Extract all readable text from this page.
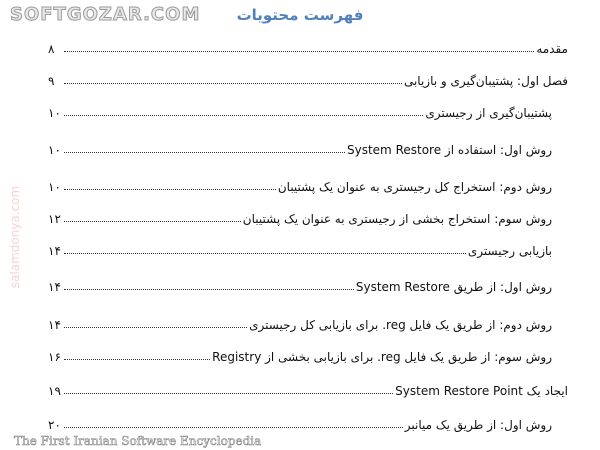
فهرست محتویات
مقدمه
۸
فصل اول: پشتیبان‌گیری و بازیابی
۹
پشتیبان‌گیری از رجیستری
۱۰
روش اول: استفاده از System Restore
۱۰
روش دوم: استخراج کل رجیستری به عنوان یک پشتیبان
۱۰
روش سوم: استخراج بخشی از رجیستری به عنوان یک پشتیبان
۱۲
بازیابی رجیستری
۱۴
روش اول: از طریق System Restore
۱۴
روش دوم: از طریق یک فایل reg. برای بازیابی کل رجیستری
۱۴
روش سوم: از طریق یک فایل reg. برای بازیابی بخشی از Registry
۱۶
ایجاد یک System Restore Point
۱۹
روش اول: از طریق یک میانبر
۲۰
salamdonya.com
SOFTGOZAR.COM
The First Iranian Software Encyclopedia
